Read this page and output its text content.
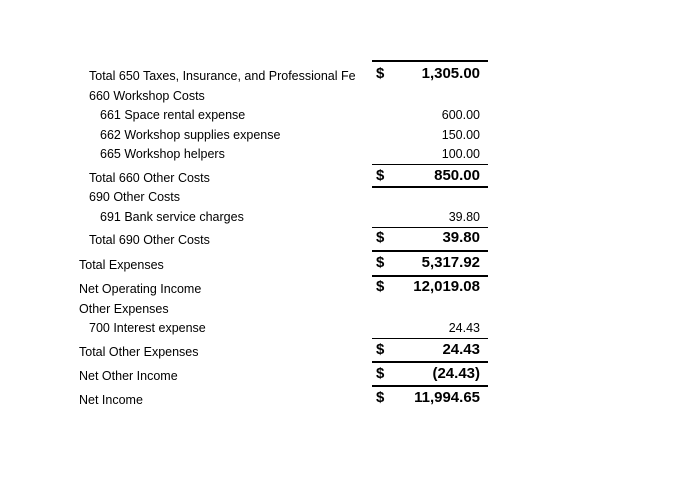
Total 650 Taxes, Insurance, and Professional Fe $ 1,305.00
660 Workshop Costs
661 Space rental expense	600.00
662 Workshop supplies expense	150.00
665 Workshop helpers	100.00
Total 660 Other Costs	$	850.00
690 Other Costs
691 Bank service charges	39.80
Total 690 Other Costs	$	39.80
Total Expenses	$ 5,317.92
Net Operating Income	$ 12,019.08
Other Expenses
700 Interest expense	24.43
Total Other Expenses	$	24.43
Net Other Income	$	(24.43)
Net Income	$ 11,994.65
